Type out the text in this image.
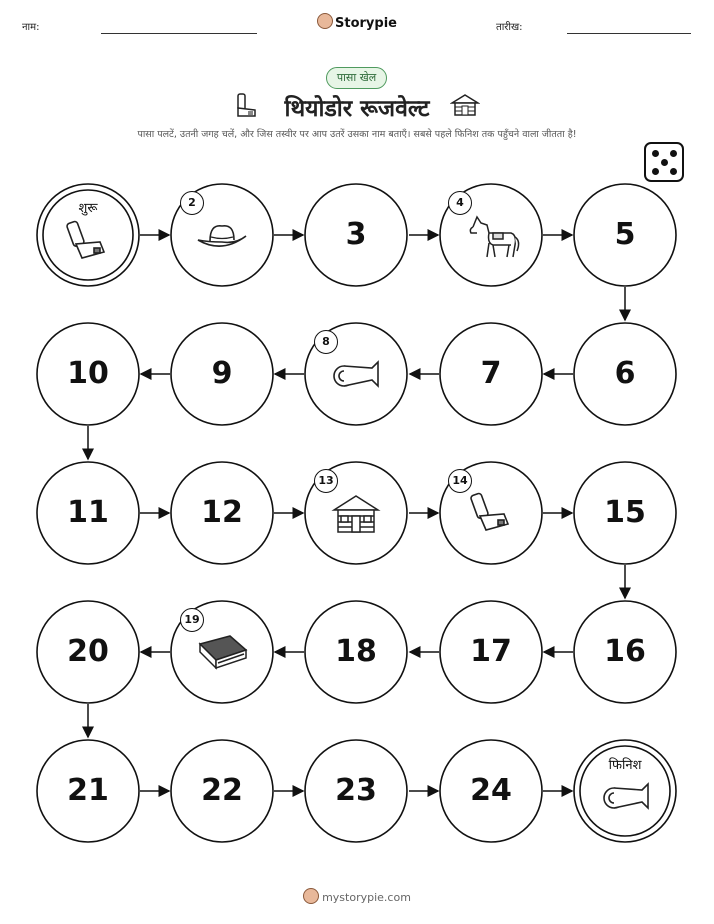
नाम:	Storypie	तारीख:
पासा खेल
थियोडोर रूजवेल्ट
पासा पलटें, उतनी जगह चलें, और जिस तस्वीर पर आप उतरें उसका नाम बताएँ। सबसे पहले फिनिश तक पहुँचने वाला जीतता है!
शुरू
फिनिश
2	4
8
13	14
19
3	5
6
7
9
10
11	12	15
16
17
18
20
21	22	23	24
mystorypie.com
